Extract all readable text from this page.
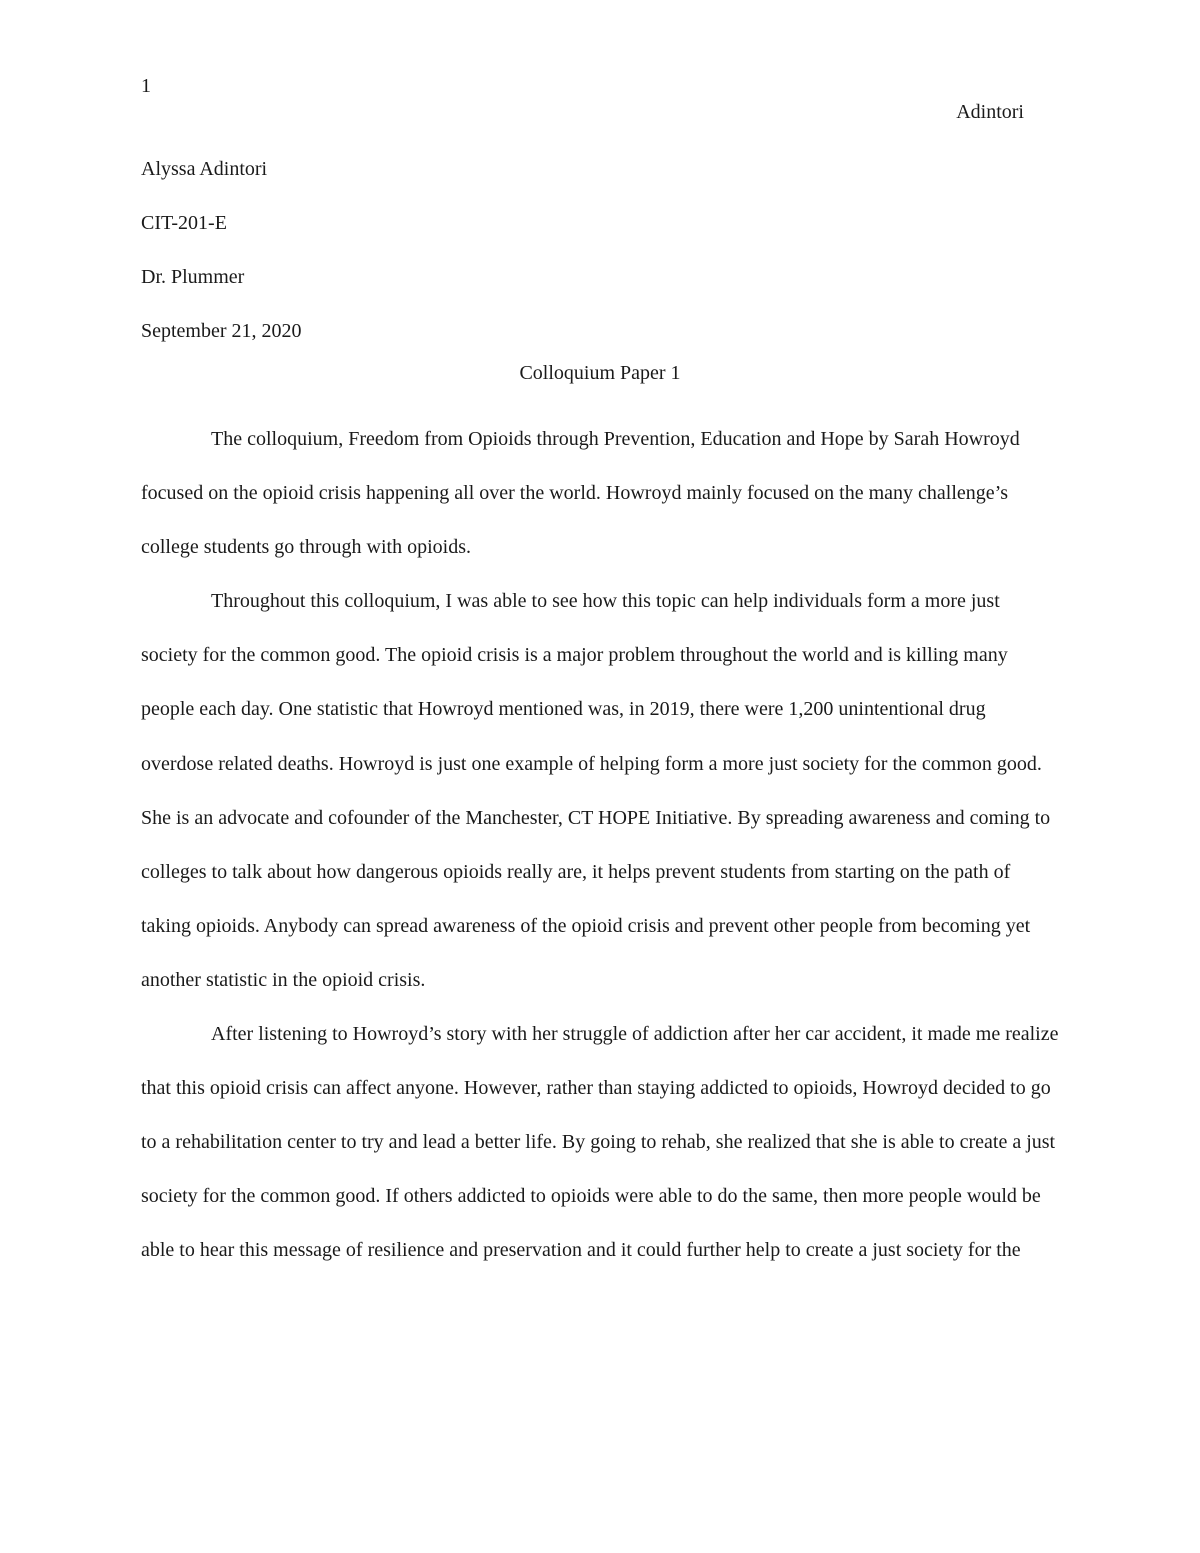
1
Adintori
Alyssa Adintori
CIT-201-E
Dr. Plummer
September 21, 2020
Colloquium Paper 1

The colloquium, Freedom from Opioids through Prevention, Education and Hope by Sarah Howroyd focused on the opioid crisis happening all over the world. Howroyd mainly focused on the many challenge’s college students go through with opioids.

Throughout this colloquium, I was able to see how this topic can help individuals form a more just society for the common good. The opioid crisis is a major problem throughout the world and is killing many people each day. One statistic that Howroyd mentioned was, in 2019, there were 1,200 unintentional drug overdose related deaths. Howroyd is just one example of helping form a more just society for the common good. She is an advocate and cofounder of the Manchester, CT HOPE Initiative. By spreading awareness and coming to colleges to talk about how dangerous opioids really are, it helps prevent students from starting on the path of taking opioids. Anybody can spread awareness of the opioid crisis and prevent other people from becoming yet another statistic in the opioid crisis.

After listening to Howroyd’s story with her struggle of addiction after her car accident, it made me realize that this opioid crisis can affect anyone. However, rather than staying addicted to opioids, Howroyd decided to go to a rehabilitation center to try and lead a better life. By going to rehab, she realized that she is able to create a just society for the common good. If others addicted to opioids were able to do the same, then more people would be able to hear this message of resilience and preservation and it could further help to create a just society for the
